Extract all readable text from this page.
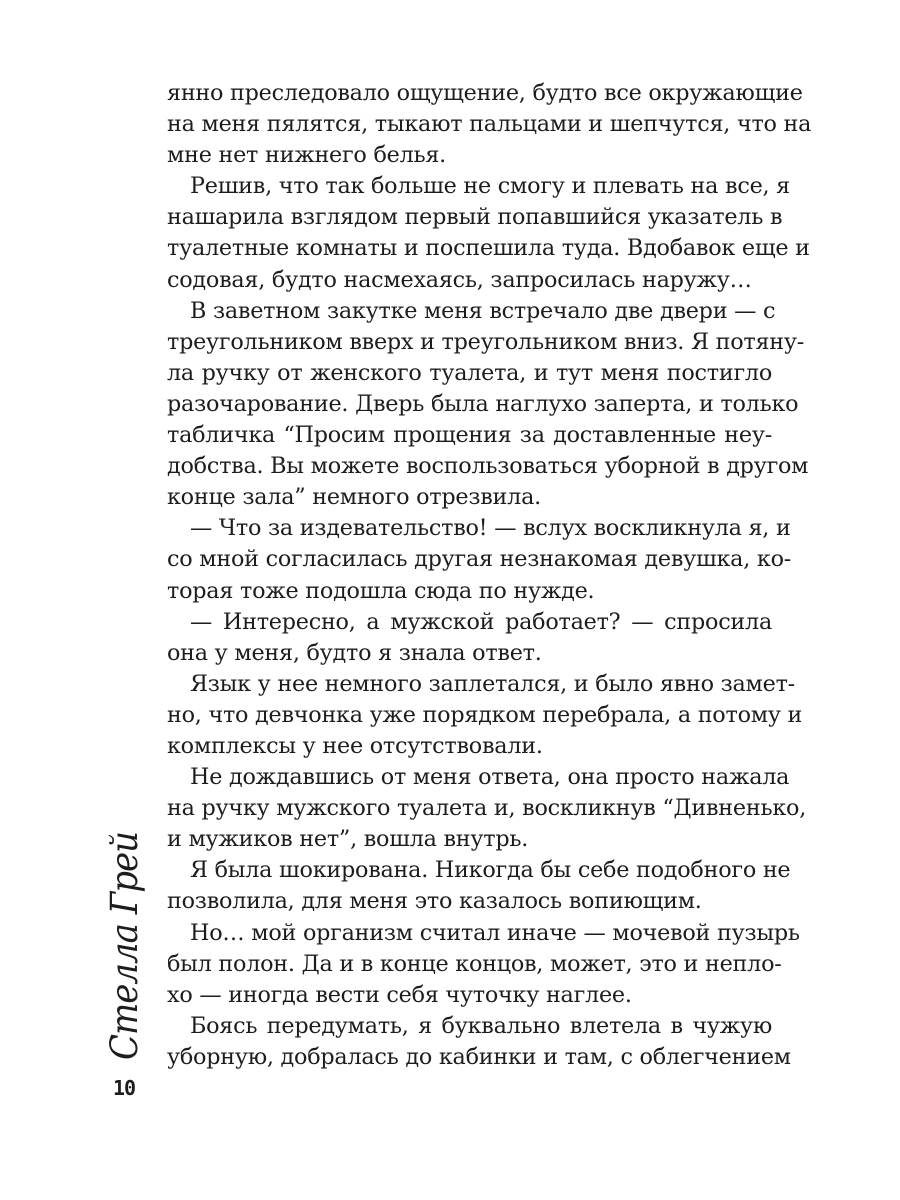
янно преследовало ощущение, будто все окружающие
на меня пялятся, тыкают пальцами и шепчутся, что на
мне нет нижнего белья.
Решив, что так больше не смогу и плевать на все, я
нашарила взглядом первый попавшийся указатель в
туалетные комнаты и поспешила туда. Вдобавок еще и
содовая, будто насмехаясь, запросилась наружу…
В заветном закутке меня встречало две двери — с
треугольником вверх и треугольником вниз. Я потяну-
ла ручку от женского туалета, и тут меня постигло
разочарование. Дверь была наглухо заперта, и только
табличка “Просим прощения за доставленные неу-
добства. Вы можете воспользоваться уборной в другом
конце зала” немного отрезвила.
— Что за издевательство! — вслух воскликнула я, и
со мной согласилась другая незнакомая девушка, ко-
торая тоже подошла сюда по нужде.
— Интересно, а мужской работает? — спросила
она у меня, будто я знала ответ.
Язык у нее немного заплетался, и было явно замет-
но, что девчонка уже порядком перебрала, а потому и
комплексы у нее отсутствовали.
Не дождавшись от меня ответа, она просто нажала
на ручку мужского туалета и, воскликнув “Дивненько,
и мужиков нет”, вошла внутрь.
Я была шокирована. Никогда бы себе подобного не
позволила, для меня это казалось вопиющим.
Но… мой организм считал иначе — мочевой пузырь
был полон. Да и в конце концов, может, это и непло-
хо — иногда вести себя чуточку наглее.
Боясь передумать, я буквально влетела в чужую
уборную, добралась до кабинки и там, с облегчением
Стелла Грей
10
